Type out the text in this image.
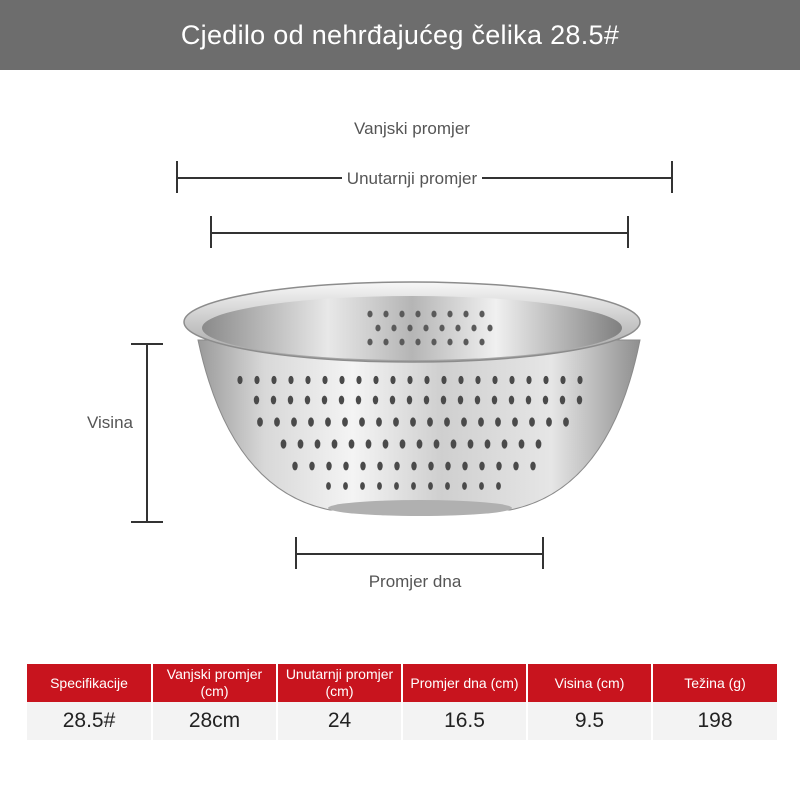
Cjedilo od nehrđajućeg čelika 28.5#
Vanjski promjer
Unutarnji promjer
Visina
Promjer dna
Specifikacije	Vanjski promjer (cm)	Unutarnji promjer (cm)	Promjer dna (cm)	Visina (cm)	Težina (g)
28.5#	28cm	24	16.5	9.5	198
